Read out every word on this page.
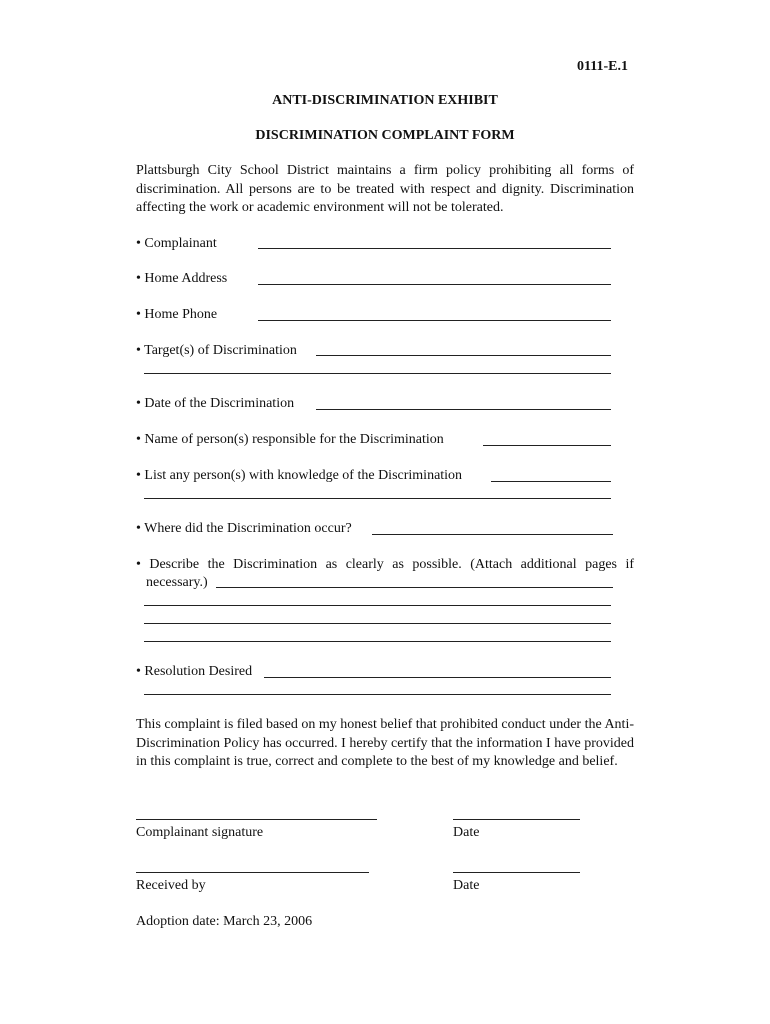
0111-E.1
ANTI-DISCRIMINATION EXHIBIT
DISCRIMINATION COMPLAINT FORM
Plattsburgh City School District maintains a firm policy prohibiting all forms of discrimination. All persons are to be treated with respect and dignity. Discrimination affecting the work or academic environment will not be tolerated.
• Complainant
• Home Address
• Home Phone
• Target(s) of Discrimination
• Date of the Discrimination
• Name of person(s) responsible for the Discrimination
• List any person(s) with knowledge of the Discrimination
• Where did the Discrimination occur?
• Describe the Discrimination as clearly as possible. (Attach additional pages if
necessary.)
• Resolution Desired
This complaint is filed based on my honest belief that prohibited conduct under the Anti-Discrimination Policy has occurred. I hereby certify that the information I have provided in this complaint is true, correct and complete to the best of my knowledge and belief.
Complainant signature	Date
Received by	Date
Adoption date: March 23, 2006
